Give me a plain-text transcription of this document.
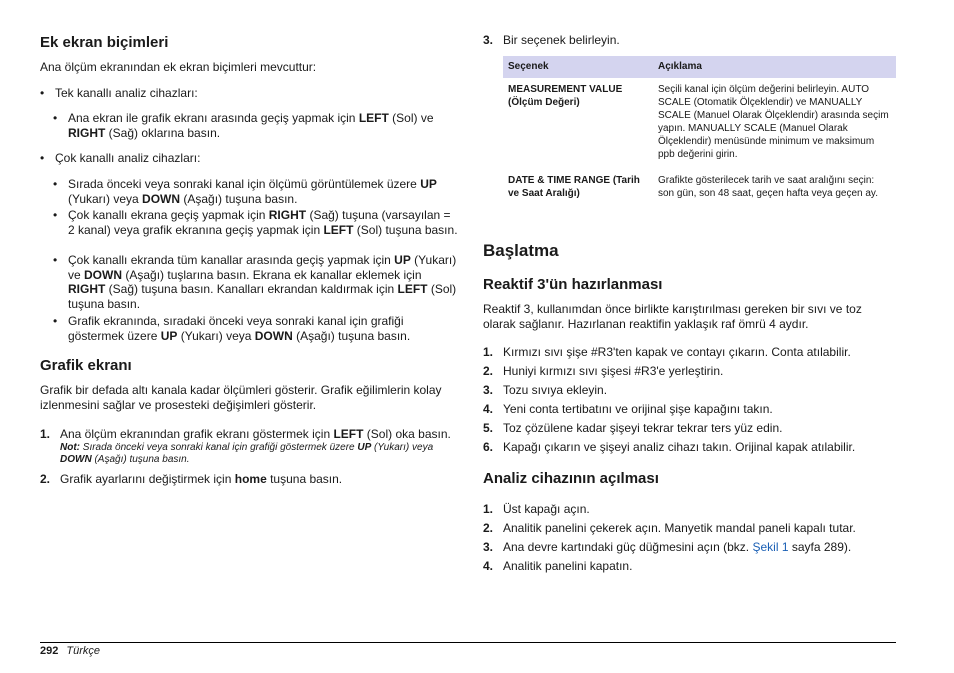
Ek ekran biçimleri
Ana ölçüm ekranından ek ekran biçimleri mevcuttur:
• Tek kanallı analiz cihazları:
• Ana ekran ile grafik ekranı arasında geçiş yapmak için LEFT (Sol) ve RIGHT (Sağ) oklarına basın.
• Çok kanallı analiz cihazları:
• Sırada önceki veya sonraki kanal için ölçümü görüntülemek üzere UP (Yukarı) veya DOWN (Aşağı) tuşuna basın.
• Çok kanallı ekrana geçiş yapmak için RIGHT (Sağ) tuşuna (varsayılan = 2 kanal) veya grafik ekranına geçiş yapmak için LEFT (Sol) tuşuna basın.
• Çok kanallı ekranda tüm kanallar arasında geçiş yapmak için UP (Yukarı) ve DOWN (Aşağı) tuşlarına basın. Ekrana ek kanallar eklemek için RIGHT (Sağ) tuşuna basın. Kanalları ekrandan kaldırmak için LEFT (Sol) tuşuna basın.
• Grafik ekranında, sıradaki önceki veya sonraki kanal için grafiği göstermek üzere UP (Yukarı) veya DOWN (Aşağı) tuşuna basın.
Grafik ekranı
Grafik bir defada altı kanala kadar ölçümleri gösterir. Grafik eğilimlerin kolay izlenmesini sağlar ve prosesteki değişimleri gösterir.
1. Ana ölçüm ekranından grafik ekranı göstermek için LEFT (Sol) oka basın.
Not: Sırada önceki veya sonraki kanal için grafiği göstermek üzere UP (Yukarı) veya DOWN (Aşağı) tuşuna basın.
2. Grafik ayarlarını değiştirmek için home tuşuna basın.
3. Bir seçenek belirleyin.
Seçenek	Açıklama
MEASUREMENT VALUE (Ölçüm Değeri)	Seçili kanal için ölçüm değerini belirleyin. AUTO SCALE (Otomatik Ölçeklendir) ve MANUALLY SCALE (Manuel Olarak Ölçeklendir) arasında seçim yapın. MANUALLY SCALE (Manuel Olarak Ölçeklendir) menüsünde minimum ve maksimum ppb değerini girin.
DATE & TIME RANGE (Tarih ve Saat Aralığı)	Grafikte gösterilecek tarih ve saat aralığını seçin: son gün, son 48 saat, geçen hafta veya geçen ay.
Başlatma
Reaktif 3'ün hazırlanması
Reaktif 3, kullanımdan önce birlikte karıştırılması gereken bir sıvı ve toz olarak sağlanır. Hazırlanan reaktifin yaklaşık raf ömrü 4 aydır.
1. Kırmızı sıvı şişe #R3'ten kapak ve contayı çıkarın. Conta atılabilir.
2. Huniyi kırmızı sıvı şişesi #R3'e yerleştirin.
3. Tozu sıvıya ekleyin.
4. Yeni conta tertibatını ve orijinal şişe kapağını takın.
5. Toz çözülene kadar şişeyi tekrar tekrar ters yüz edin.
6. Kapağı çıkarın ve şişeyi analiz cihazı takın. Orijinal kapak atılabilir.
Analiz cihazının açılması
1. Üst kapağı açın.
2. Analitik panelini çekerek açın. Manyetik mandal paneli kapalı tutar.
3. Ana devre kartındaki güç düğmesini açın (bkz. Şekil 1 sayfa 289).
4. Analitik panelini kapatın.
292 Türkçe
